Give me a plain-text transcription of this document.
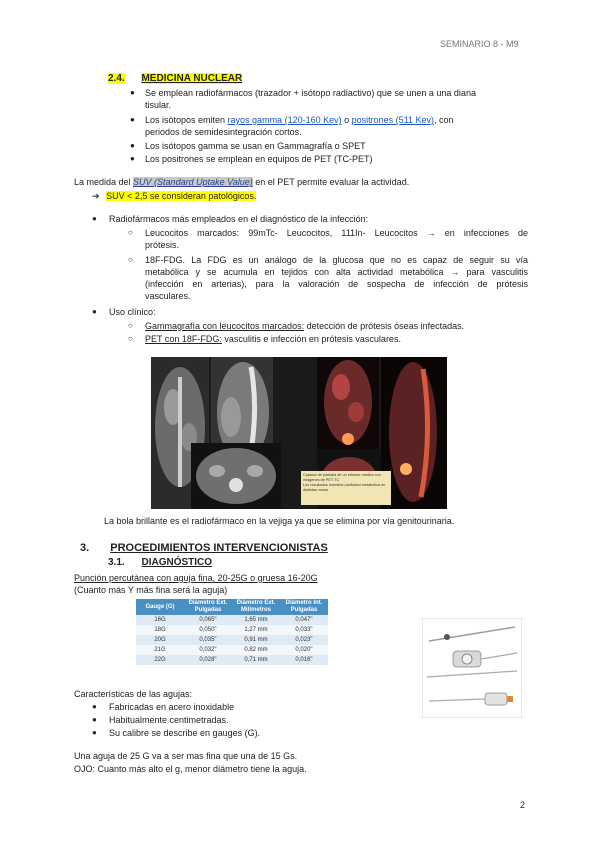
SEMINARIO 8 - M9
2.4. MEDICINA NUCLEAR
● Se emplean radiofármacos (trazador + isótopo radiactivo) que se unen a una diana
tisular.
● Los isótopos emiten rayos gamma (120-160 Kev) o positrones (511 Kev), con
periodos de semidesintegración cortos.
● Los isótopos gamma se usan en Gammagrafía o SPET
● Los positrones se emplean en equipos de PET (TC-PET)
La medida del SUV (Standard Uptake Value) en el PET permite evaluar la actividad.
➔ SUV < 2,5 se consideran patológicos.
● Radiofármacos más empleados en el diagnóstico de la infección:
○ Leucocitos marcados: 99mTc- Leucocitos, 111In- Leucocitos → en infecciones de
prótesis.
○ 18F-FDG. La FDG es un análogo de la glucosa que no es capaz de seguir su vía
metabólica y se acumula en tejidos con alta actividad metabólica → para vasculitis
(infección en arterias), para la valoración de sospecha de infección de prótesis
vasculares.
● Uso clínico:
○ Gammagrafía con leucocitos marcados: detección de prótesis óseas infectadas.
○ PET con 18F-FDG: vasculitis e infección en prótesis vasculares.
Captura de pantalla de un informe médico con imágenes de PET-TC
Los resultados muestran actividad metabólica en distintas zonas
La bola brillante es el radiofármaco en la vejiga ya que se elimina por vía genitourinaria.
3. PROCEDIMIENTOS INTERVENCIONISTAS
3.1. DIAGNÓSTICO
Punción percutánea con aguja fina, 20-25G o gruesa 16-20G
(Cuanto más Y más fina será la aguja)
Gauge (G)	Diámetro Ext. Pulgadas	Diámetro Ext. Milímetros	Diámetro Int. Pulgadas
16G	0,065"	1,65 mm	0,047"
18G	0,050"	1,27 mm	0,033"
20G	0,035"	0,91 mm	0,023"
21G	0,032"	0,82 mm	0,020"
22G	0,028"	0,71 mm	0,016"
Características de las agujas:
● Fabricadas en acero inoxidable
● Habitualmente centimetradas.
● Su calibre se describe en gauges (G).
Una aguja de 25 G va a ser mas fina que una de 15 Gs.
OJO: Cuanto más alto el g, menor diámetro tiene la aguja.
2
